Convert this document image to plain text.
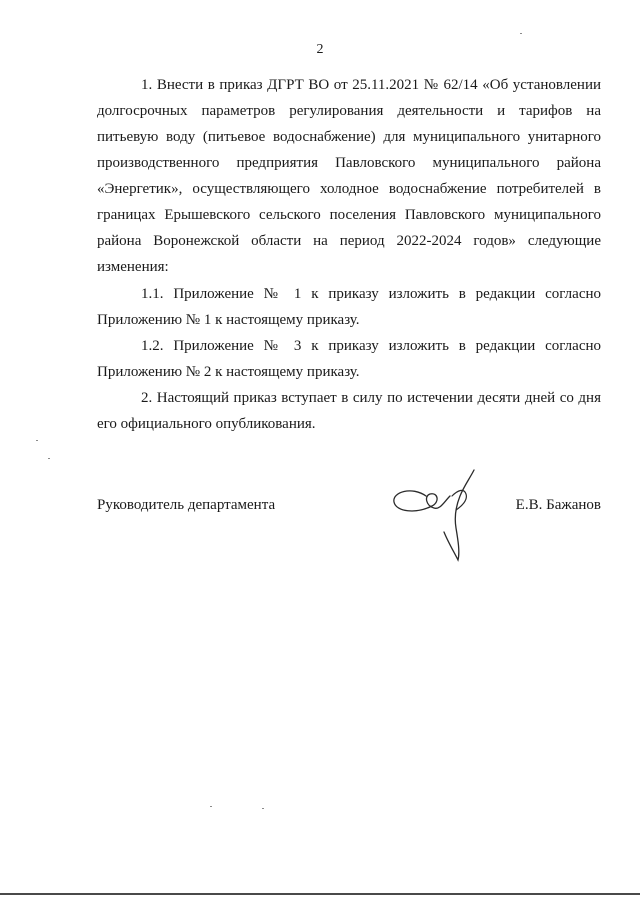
2

1. Внести в приказ ДГРТ ВО от 25.11.2021 № 62/14 «Об установлении долгосрочных параметров регулирования деятельности и тарифов на питьевую воду (питьевое водоснабжение) для муниципального унитарного производственного предприятия Павловского муниципального района «Энергетик», осуществляющего холодное водоснабжение потребителей в границах Ерышевского сельского поселения Павловского муниципального района Воронежской области на период 2022-2024 годов» следующие изменения:

1.1. Приложение № 1 к приказу изложить в редакции согласно Приложению № 1 к настоящему приказу.

1.2. Приложение № 3 к приказу изложить в редакции согласно Приложению № 2 к настоящему приказу.

2. Настоящий приказ вступает в силу по истечении десяти дней со дня его официального опубликования.

Руководитель департамента	Е.В. Бажанов
